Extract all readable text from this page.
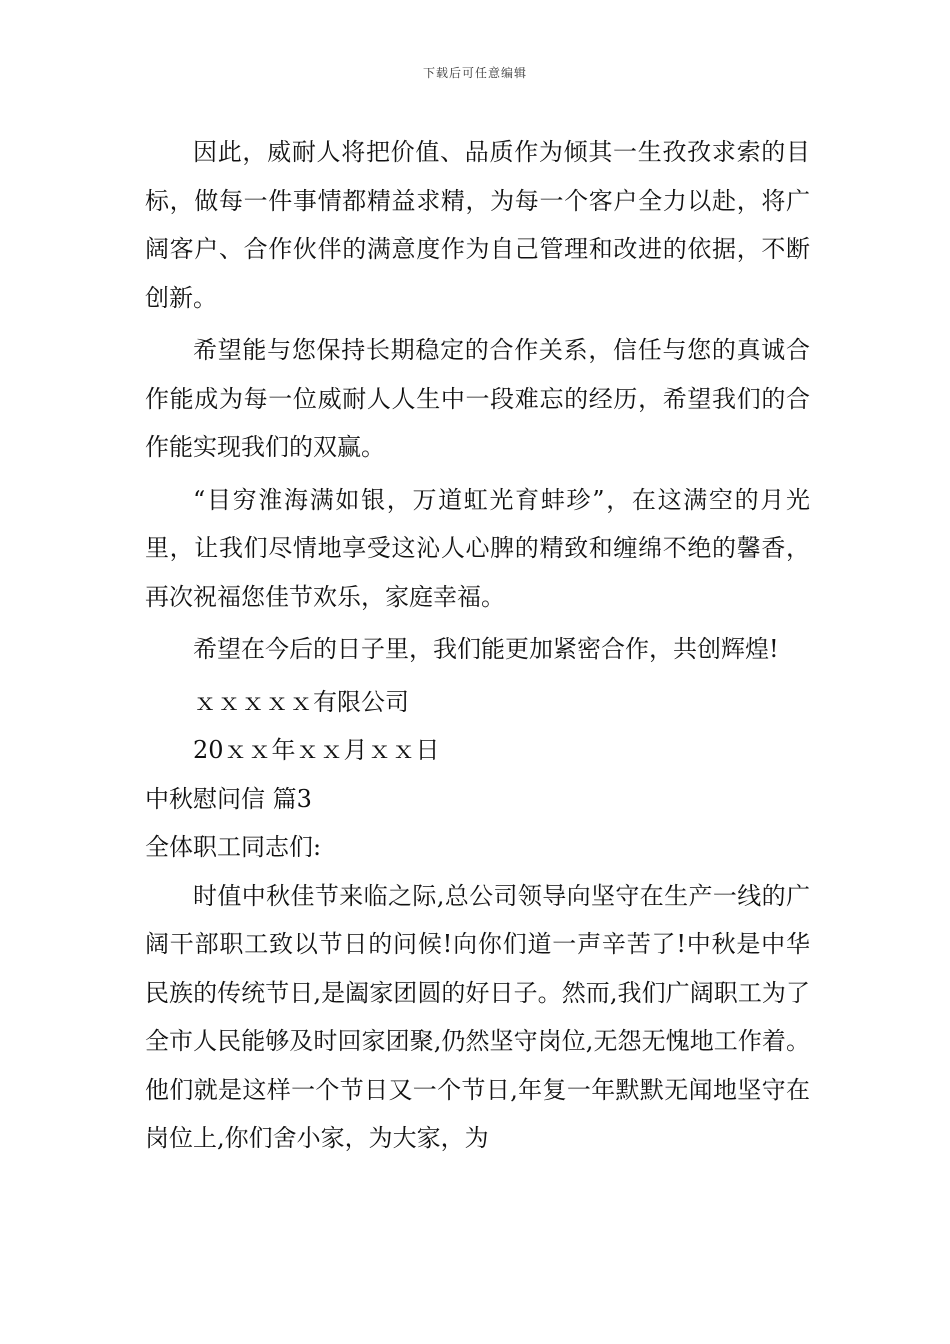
下载后可任意编辑

因此，威耐人将把价值、品质作为倾其一生孜孜求索的目标，做每一件事情都精益求精，为每一个客户全力以赴，将广阔客户、合作伙伴的满意度作为自己管理和改进的依据，不断创新。

希望能与您保持长期稳定的合作关系，信任与您的真诚合作能成为每一位威耐人人生中一段难忘的经历，希望我们的合作能实现我们的双赢。

“目穷淮海满如银，万道虹光育蚌珍”，在这满空的月光里，让我们尽情地享受这沁人心脾的精致和缠绵不绝的馨香，再次祝福您佳节欢乐，家庭幸福。

希望在今后的日子里，我们能更加紧密合作，共创辉煌!

ｘｘｘｘｘ有限公司

20ｘｘ年ｘｘ月ｘｘ日

中秋慰问信 篇3

全体职工同志们:

时值中秋佳节来临之际,总公司领导向坚守在生产一线的广阔干部职工致以节日的问候!向你们道一声辛苦了!中秋是中华民族的传统节日,是阖家团圆的好日子。然而,我们广阔职工为了全市人民能够及时回家团聚,仍然坚守岗位,无怨无愧地工作着。他们就是这样一个节日又一个节日,年复一年默默无闻地坚守在岗位上,你们舍小家，为大家，为
